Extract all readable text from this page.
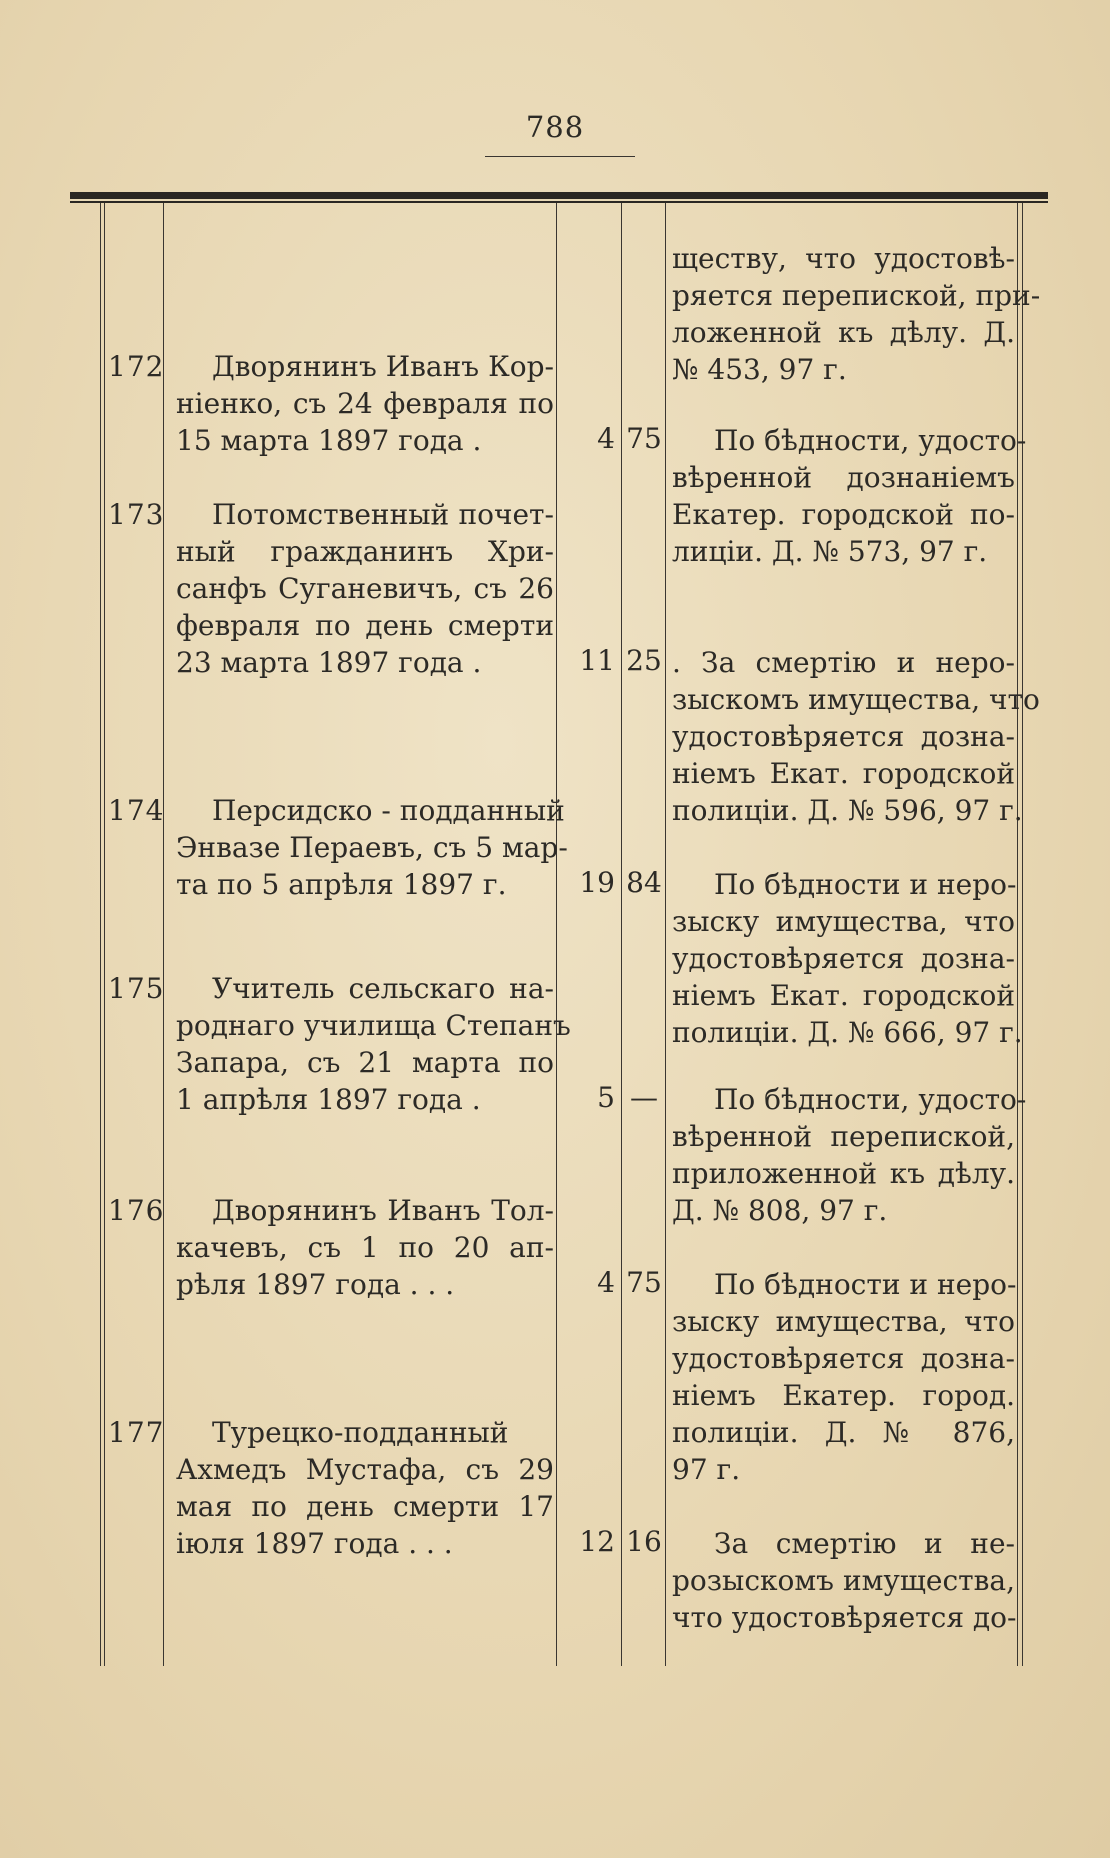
788
ществу, что удостовѣ-
ряется перепиской, при-
ложенной къ дѣлу. Д.
№ 453, 97 г.
172	Дворянинъ Иванъ Кор-
ніенко, съ 24 февраля по
15 марта 1897 года .	4 75	По бѣдности, удосто-
вѣренной дознаніемъ
Екатер. городской по-
лиціи. Д. № 573, 97 г.
173	Потомственный почет-
ный гражданинъ Хри-
санфъ Суганевичъ, съ 26
февраля по день смерти
23 марта 1897 года .	11 25 . За смертію и неро-
зыскомъ имущества, что
удостовѣряется дозна-
ніемъ Екат. городской
полиціи. Д. № 596, 97 г.
174	Персидско - подданный
Энвазе Пераевъ, съ 5 мар-
та по 5 апрѣля 1897 г.	19 84	По бѣдности и неро-
зыску имущества, что
удостовѣряется дозна-
ніемъ Екат. городской
полиціи. Д. № 666, 97 г.
175	Учитель сельскаго на-
роднаго училища Степанъ
Запара, съ 21 марта по
1 апрѣля 1897 года .	5 —	По бѣдности, удосто-
вѣренной перепиской,
приложенной къ дѣлу.
Д. № 808, 97 г.
176	Дворянинъ Иванъ Тол-
качевъ, съ 1 по 20 ап-
рѣля 1897 года . . .	4 75	По бѣдности и неро-
зыску имущества, что
удостовѣряется дозна-
ніемъ Екатер. город.
полиціи. Д. № 876,
97 г.
177	Турецко-подданный
Ахмедъ Мустафа, съ 29
мая по день смерти 17
іюля 1897 года . . .	12 16	За смертію и не-
розыскомъ имущества,
что удостовѣряется до-
